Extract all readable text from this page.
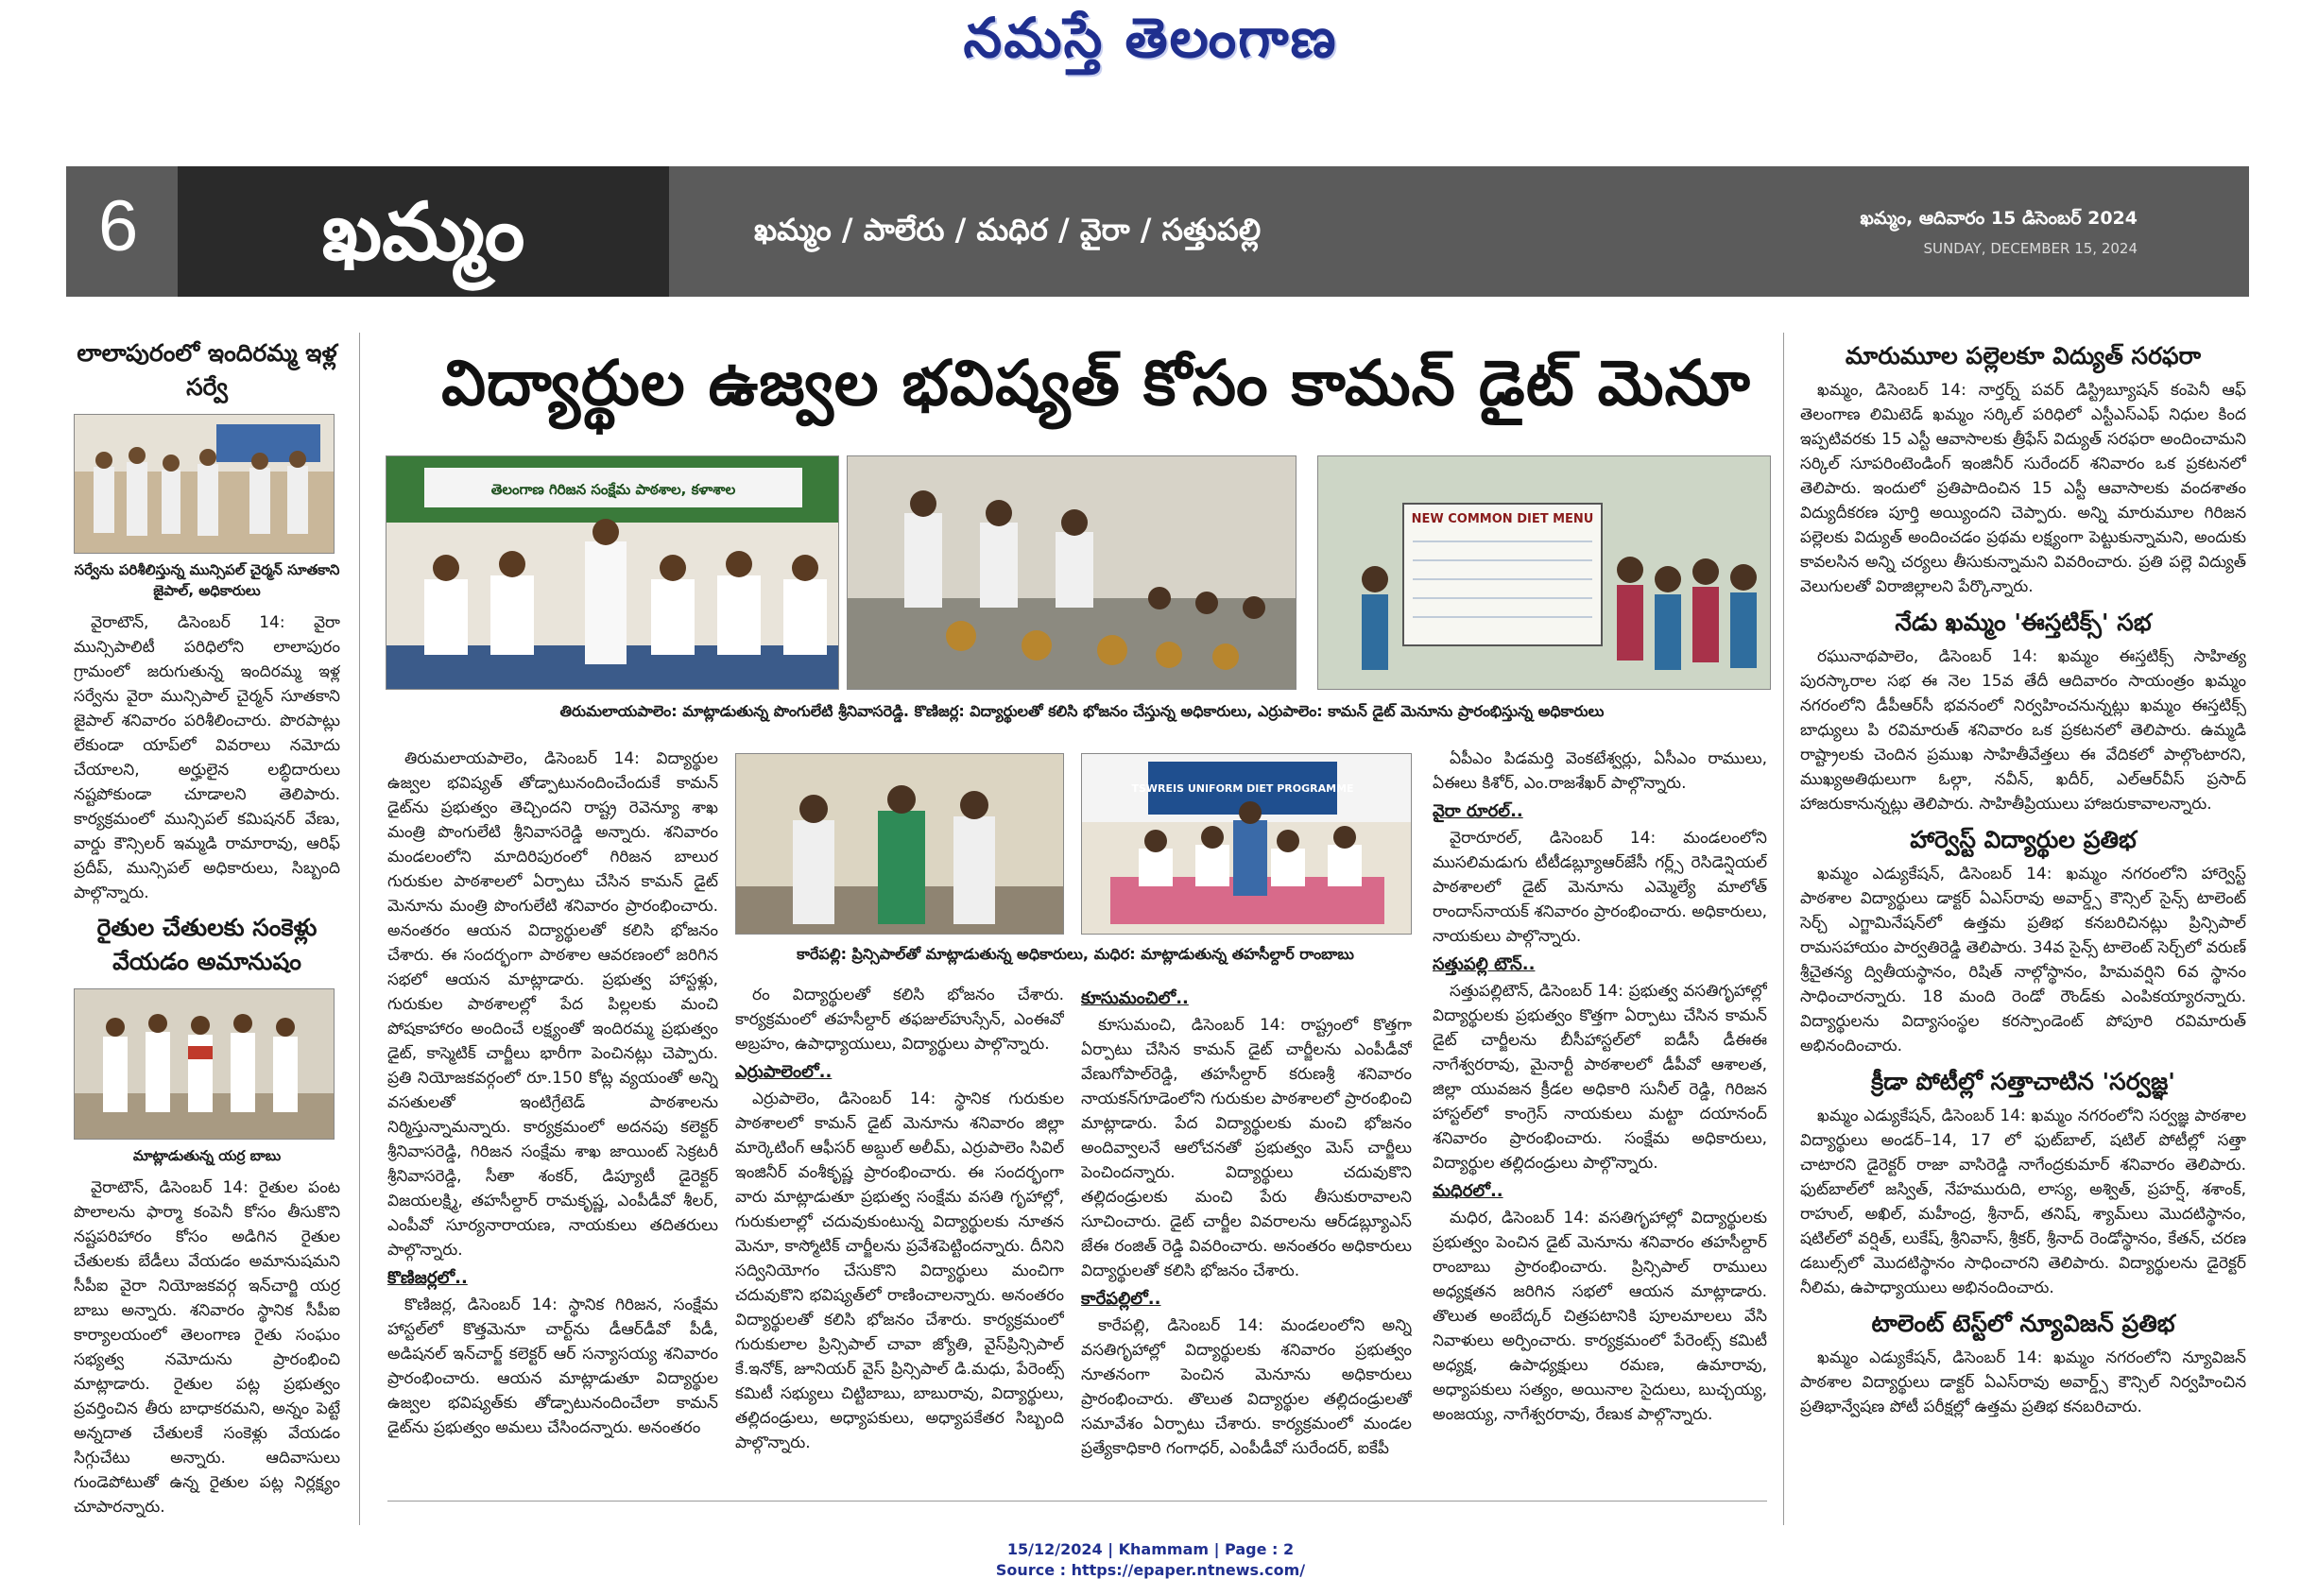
నమస్తే తెలంగాణ
6	ఖమ్మం	ఖమ్మం / పాలేరు / మధిర / వైరా / సత్తుపల్లి	ఖమ్మం, ఆదివారం 15 డిసెంబర్ 2024
SUNDAY, DECEMBER 15, 2024
లాలాపురంలో ఇందిరమ్మ ఇళ్ల సర్వే
సర్వేను పరిశీలిస్తున్న మున్సిపల్ చైర్మన్ సూతకాని జైపాల్, అధికారులు

వైరాటౌన్, డిసెంబర్ 14: వైరా మున్సిపాలిటీ పరిధిలోని లాలాపురం గ్రామంలో జరుగుతున్న ఇందిరమ్మ ఇళ్ల సర్వేను వైరా మున్సిపాల్ చైర్మన్ సూతకాని జైపాల్ శనివారం పరిశీలించారు. పొరపాట్లు లేకుండా యాప్‌లో వివరాలు నమోదు చేయాలని, అర్హులైన లబ్ధిదారులు నష్టపోకుండా చూడాలని తెలిపారు. కార్యక్రమంలో మున్సిపల్ కమిషనర్ వేణు, వార్డు కౌన్సిలర్ ఇమ్మడి రామారావు, ఆరిఫ్ ప్రదీప్, మున్సిపల్ అధికారులు, సిబ్బంది పాల్గొన్నారు.

రైతుల చేతులకు సంకెళ్లు వేయడం అమానుషం
మాట్లాడుతున్న యర్ర బాబు

వైరాటౌన్, డిసెంబర్ 14: రైతుల పంట పొలాలను ఫార్మా కంపెనీ కోసం తీసుకొని నష్టపరిహారం కోసం అడిగిన రైతుల చేతులకు బేడీలు వేయడం అమానుషమని సీపీఐ వైరా నియోజకవర్గ ఇన్‌చార్జి యర్ర బాబు అన్నారు. శనివారం స్థానిక సీపీఐ కార్యాలయంలో తెలంగాణ రైతు సంఘం సభ్యత్వ నమోదును ప్రారంభించి మాట్లాడారు. రైతుల పట్ల ప్రభుత్వం ప్రవర్తించిన తీరు బాధాకరమని, అన్నం పెట్టే అన్నదాత చేతులకే సంకెళ్లు వేయడం సిగ్గుచేటు అన్నారు. ఆదివాసులు గుండెపోటుతో ఉన్న రైతుల పట్ల నిర్లక్ష్యం చూపారన్నారు.

విద్యార్థుల ఉజ్వల భవిష్యత్ కోసం కామన్ డైట్ మెనూ
తెలంగాణ గిరిజన సంక్షేమ పాఠశాల, కళాశాల
NEW COMMON DIET MENU
తిరుమలాయపాలెం: మాట్లాడుతున్న పొంగులేటి శ్రీనివాసరెడ్డి. కొణిజర్ల: విద్యార్థులతో కలిసి భోజనం చేస్తున్న అధికారులు, ఎర్రుపాలెం: కామన్ డైట్ మెనూను ప్రారంభిస్తున్న అధికారులు

తిరుమలాయపాలెం, డిసెంబర్ 14: విద్యార్థుల ఉజ్వల భవిష్యత్ తోడ్పాటునందించేందుకే కామన్ డైట్‌ను ప్రభుత్వం తెచ్చిందని రాష్ట్ర రెవెన్యూ శాఖ మంత్రి పొంగులేటి శ్రీనివాసరెడ్డి అన్నారు. శనివారం మండలంలోని మాదిరిపురంలో గిరిజన బాలుర గురుకుల పాఠశాలలో ఏర్పాటు చేసిన కామన్ డైట్ మెనూను మంత్రి పొంగులేటి శనివారం ప్రారంభించారు. అనంతరం ఆయన విద్యార్థులతో కలిసి భోజనం చేశారు. ఈ సందర్భంగా పాఠశాల ఆవరణంలో జరిగిన సభలో ఆయన మాట్లాడారు. ప్రభుత్వ హాస్టళ్లు, గురుకుల పాఠశాలల్లో పేద పిల్లలకు మంచి పోషకాహారం అందించే లక్ష్యంతో ఇందిరమ్మ ప్రభుత్వం డైట్, కాస్మెటిక్ చార్జీలు భారీగా పెంచినట్లు చెప్పారు. ప్రతి నియోజకవర్గంలో రూ.150 కోట్ల వ్యయంతో అన్ని వసతులతో ఇంటిగ్రేటెడ్ పాఠశాలను నిర్మిస్తున్నామన్నారు. కార్యక్రమంలో అదనపు కలెక్టర్ శ్రీనివాసరెడ్డి, గిరిజన సంక్షేమ శాఖ జాయింట్ సెక్రటరీ శ్రీనివాసరెడ్డి, సీతా శంకర్, డిప్యూటీ డైరెక్టర్ విజయలక్ష్మి, తహసీల్దార్ రామకృష్ణ, ఎంపీడీవో శీలర్, ఎంపీవో సూర్యనారాయణ, నాయకులు తదితరులు పాల్గొన్నారు.

కొణిజర్లలో..

కొణిజర్ల, డిసెంబర్ 14: స్థానిక గిరిజన, సంక్షేమ హాస్టల్‌లో కొత్తమెనూ చార్ట్‌ను డీఆర్‌డీవో పీడీ, అడిషనల్ ఇన్‌చార్జ్ కలెక్టర్ ఆర్ సన్యాసయ్య శనివారం ప్రారంభించారు. ఆయన మాట్లాడుతూ విద్యార్థుల ఉజ్వల భవిష్యత్‌కు తోడ్పాటునందించేలా కామన్ డైట్‌ను ప్రభుత్వం అమలు చేసిందన్నారు. అనంతరం

TSWREIS UNIFORM DIET PROGRAMME
కారేపల్లి: ప్రిన్సిపాల్‌తో మాట్లాడుతున్న అధికారులు, మధిర: మాట్లాడుతున్న తహసీల్దార్ రాంబాబు

రం విద్యార్థులతో కలిసి భోజనం చేశారు. కార్యక్రమంలో తహసీల్దార్ తఫజుల్‌హుస్సేన్, ఎంఈవో అబ్రహం, ఉపాధ్యాయులు, విద్యార్థులు పాల్గొన్నారు.

ఎర్రుపాలెంలో..

ఎర్రుపాలెం, డిసెంబర్ 14: స్థానిక గురుకుల పాఠశాలలో కామన్ డైట్ మెనూను శనివారం జిల్లా మార్కెటింగ్ ఆఫీసర్ అబ్దుల్ అలీమ్, ఎర్రుపాలెం సివిల్ ఇంజినీర్ వంశీకృష్ణ ప్రారంభించారు. ఈ సందర్భంగా వారు మాట్లాడుతూ ప్రభుత్వ సంక్షేమ వసతి గృహాల్లో, గురుకులాల్లో చదువుకుంటున్న విద్యార్థులకు నూతన మెనూ, కాస్మోటిక్ చార్జీలను ప్రవేశపెట్టిందన్నారు. దీనిని సద్వినియోగం చేసుకొని విద్యార్థులు మంచిగా చదువుకొని భవిష్యత్‌లో రాణించాలన్నారు. అనంతరం విద్యార్థులతో కలిసి భోజనం చేశారు. కార్యక్రమంలో గురుకులాల ప్రిన్సిపాల్ చావా జ్యోతి, వైస్‌ప్రిన్సిపాల్ కే.ఇనోక్, జూనియర్ వైస్ ప్రిన్సిపాల్ డి.మధు, పేరెంట్స్ కమిటీ సభ్యులు చిట్టిబాబు, బాబురావు, విద్యార్థులు, తల్లిదండ్రులు, అధ్యాపకులు, అధ్యాపకేతర సిబ్బంది పాల్గొన్నారు.

కూసుమంచిలో..

కూసుమంచి, డిసెంబర్ 14: రాష్ట్రంలో కొత్తగా ఏర్పాటు చేసిన కామన్ డైట్ చార్జీలను ఎంపీడీవో వేణుగోపాల్‌రెడ్డి, తహసీల్దార్ కరుణశ్రీ శనివారం నాయకన్‌గూడెంలోని గురుకుల పాఠశాలలో ప్రారంభించి మాట్లాడారు. పేద విద్యార్థులకు మంచి భోజనం అందివ్వాలనే ఆలోచనతో ప్రభుత్వం మెస్ చార్జీలు పెంచిందన్నారు. విద్యార్థులు చదువుకొని తల్లిదండ్రులకు మంచి పేరు తీసుకురావాలని సూచించారు. డైట్ చార్జీల వివరాలను ఆర్‌డబ్ల్యూఎస్ జేఈ రంజిత్ రెడ్డి వివరించారు. అనంతరం అధికారులు విద్యార్థులతో కలిసి భోజనం చేశారు.

కారేపల్లిలో..

కారేపల్లి, డిసెంబర్ 14: మండలంలోని అన్ని వసతిగృహాల్లో విద్యార్థులకు శనివారం ప్రభుత్వం నూతనంగా పెంచిన మెనూను అధికారులు ప్రారంభించారు. తొలుత విద్యార్థుల తల్లిదండ్రులతో సమావేశం ఏర్పాటు చేశారు. కార్యక్రమంలో మండల ప్రత్యేకాధికారి గంగాధర్, ఎంపీడీవో సురేందర్, ఐకేపీ

ఏపీఎం పిడమర్తి వెంకటేశ్వర్లు, ఏసీఎం రాములు, ఏఈలు కిశోర్, ఎం.రాజశేఖర్ పాల్గొన్నారు.

వైరా రూరల్..

వైరారూరల్, డిసెంబర్ 14: మండలంలోని ముసలిమడుగు టీటీడబ్ల్యూఆర్‌జేసీ గర్ల్స్ రెసిడెన్షియల్ పాఠశాలలో డైట్ మెనూను ఎమ్మెల్యే మాలోత్ రాందాస్‌నాయక్ శనివారం ప్రారంభించారు. అధికారులు, నాయకులు పాల్గొన్నారు.

సత్తుపల్లి టౌన్..

సత్తుపల్లిటౌన్, డిసెంబర్ 14: ప్రభుత్వ వసతిగృహాల్లో విద్యార్థులకు ప్రభుత్వం కొత్తగా ఏర్పాటు చేసిన కామన్ డైట్ చార్జీలను బీసీహాస్టల్‌లో ఐడీసీ డీఈఈ నాగేశ్వరరావు, మైనార్టీ పాఠశాలలో డీపీవో ఆశాలత, జిల్లా యువజన క్రీడల అధికారి సునీల్ రెడ్డి, గిరిజన హాస్టల్‌లో కాంగ్రెస్ నాయకులు మట్టా దయానంద్ శనివారం ప్రారంభించారు. సంక్షేమ అధికారులు, విద్యార్థుల తల్లిదండ్రులు పాల్గొన్నారు.

మధిరలో..

మధిర, డిసెంబర్ 14: వసతిగృహాల్లో విద్యార్థులకు ప్రభుత్వం పెంచిన డైట్ మెనూను శనివారం తహసీల్దార్ రాంబాబు ప్రారంభించారు. ప్రిన్సిపాల్ రాములు అధ్యక్షతన జరిగిన సభలో ఆయన మాట్లాడారు. తొలుత అంబేద్కర్ చిత్రపటానికి పూలమాలలు వేసి నివాళులు అర్పించారు. కార్యక్రమంలో పేరెంట్స్ కమిటీ అధ్యక్ష, ఉపాధ్యక్షులు రమణ, ఉమారావు, అధ్యాపకులు సత్యం, అయినాల సైదులు, బుచ్చయ్య, అంజయ్య, నాగేశ్వరరావు, రేణుక పాల్గొన్నారు.

మారుమూల పల్లెలకూ విద్యుత్ సరఫరా

ఖమ్మం, డిసెంబర్ 14: నార్తర్న్ పవర్ డిస్ట్రిబ్యూషన్ కంపెనీ ఆఫ్ తెలంగాణ లిమిటెడ్ ఖమ్మం సర్కిల్ పరిధిలో ఎస్టీఎస్‌ఎఫ్ నిధుల కింద ఇప్పటివరకు 15 ఎస్టీ ఆవాసాలకు త్రీఫేస్ విద్యుత్ సరఫరా అందించామని సర్కిల్ సూపరింటెండింగ్ ఇంజినీర్ సురేందర్ శనివారం ఒక ప్రకటనలో తెలిపారు. ఇందులో ప్రతిపాదించిన 15 ఎస్టీ ఆవాసాలకు వందశాతం విద్యుదీకరణ పూర్తి అయ్యిందని చెప్పారు. అన్ని మారుమూల గిరిజన పల్లెలకు విద్యుత్ అందించడం ప్రథమ లక్ష్యంగా పెట్టుకున్నామని, అందుకు కావలసిన అన్ని చర్యలు తీసుకున్నామని వివరించారు. ప్రతి పల్లె విద్యుత్ వెలుగులతో విరాజిల్లాలని పేర్కొన్నారు.

నేడు ఖమ్మం 'ఈస్తటిక్స్' సభ

రఘునాథపాలెం, డిసెంబర్ 14: ఖమ్మం ఈస్తటిక్స్ సాహిత్య పురస్కారాల సభ ఈ నెల 15వ తేదీ ఆదివారం సాయంత్రం ఖమ్మం నగరంలోని డీపీఆర్‌సీ భవనంలో నిర్వహించనున్నట్లు ఖమ్మం ఈస్తటిక్స్ బాధ్యులు పి రవిమారుత్ శనివారం ఒక ప్రకటనలో తెలిపారు. ఉమ్మడి రాష్ట్రాలకు చెందిన ప్రముఖ సాహితీవేత్తలు ఈ వేదికలో పాల్గొంటారని, ముఖ్యఅతిథులుగా ఓల్గా, నవీన్, ఖదీర్, ఎల్‌ఆర్‌వీస్ ప్రసాద్ హాజరుకానున్నట్లు తెలిపారు. సాహితీప్రియులు హాజరుకావాలన్నారు.

హార్వెస్ట్ విద్యార్థుల ప్రతిభ

ఖమ్మం ఎడ్యుకేషన్, డిసెంబర్ 14: ఖమ్మం నగరంలోని హార్వెస్ట్ పాఠశాల విద్యార్థులు డాక్టర్ ఏఎస్‌రావు అవార్డ్స్ కౌన్సిల్ సైన్స్ టాలెంట్ సెర్చ్ ఎగ్జామినేషన్‌లో ఉత్తమ ప్రతిభ కనబరిచినట్లు ప్రిన్సిపాల్ రామసహాయం పార్వతిరెడ్డి తెలిపారు. 34వ సైన్స్ టాలెంట్ సెర్చ్‌లో వరుణ్ శ్రీచైతన్య ద్వితీయస్థానం, రిషిత్ నాల్గోస్థానం, హిమవర్షిని 6వ స్థానం సాధించారన్నారు. 18 మంది రెండో రౌండ్‌కు ఎంపికయ్యారన్నారు. విద్యార్థులను విద్యాసంస్థల కరస్పాండెంట్ పోపూరి రవిమారుత్ అభినందించారు.

క్రీడా పోటీల్లో సత్తాచాటిన 'సర్వజ్ఞ'

ఖమ్మం ఎడ్యుకేషన్, డిసెంబర్ 14: ఖమ్మం నగరంలోని సర్వజ్ఞ పాఠశాల విద్యార్థులు అండర్–14, 17 లో ఫుట్‌బాల్, షటిల్ పోటీల్లో సత్తా చాటారని డైరెక్టర్ రాజా వాసిరెడ్డి నాగేంద్రకుమార్ శనివారం తెలిపారు. ఫుట్‌బాల్‌లో జస్విత్, నేహమురుది, లాస్య, అశ్విత్, ప్రహర్ష్, శశాంక్, రాహుల్, అఖిల్, మహీంద్ర, శ్రీనాద్, తనిష్, శ్యామ్‌లు మొదటిస్థానం, షటిల్‌లో వర్షిత్, లుకేష్, శ్రీనివాస్, శ్రీకర్, శ్రీనాద్ రెండోస్థానం, కేతన్, చరణ డబుల్స్‌లో మొదటిస్థానం సాధించారని తెలిపారు. విద్యార్థులను డైరెక్టర్ నీలిమ, ఉపాధ్యాయులు అభినందించారు.

టాలెంట్ టెస్ట్‌లో న్యూవిజన్ ప్రతిభ

ఖమ్మం ఎడ్యుకేషన్, డిసెంబర్ 14: ఖమ్మం నగరంలోని న్యూవిజన్ పాఠశాల విద్యార్థులు డాక్టర్ ఏఎస్‌రావు అవార్డ్స్ కౌన్సిల్ నిర్వహించిన ప్రతిభాన్వేషణ పోటీ పరీక్షల్లో ఉత్తమ ప్రతిభ కనబరిచారు.

15/12/2024 | Khammam | Page : 2
Source : https://epaper.ntnews.com/
